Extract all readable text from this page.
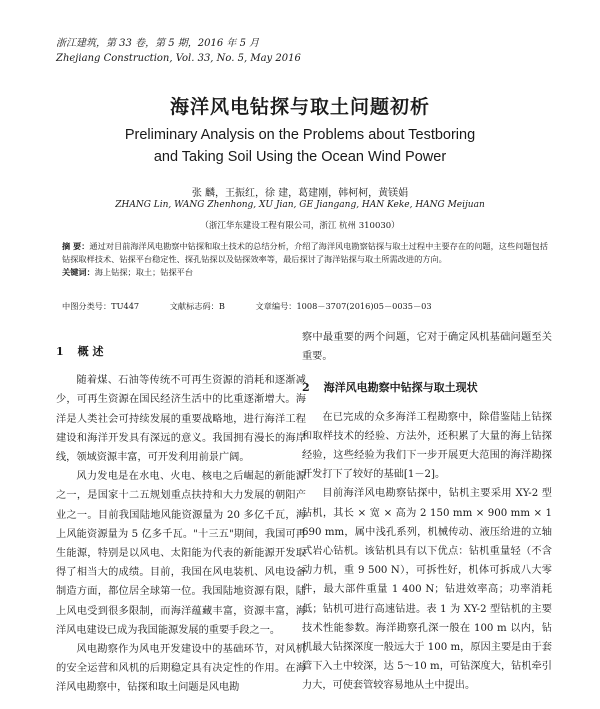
浙江建筑，第 33 卷，第 5 期，2016 年 5 月
Zhejiang Construction, Vol. 33, No. 5, May 2016
海洋风电钻探与取土问题初析
Preliminary Analysis on the Problems about Testboring
and Taking Soil Using the Ocean Wind Power
张 麟，王振红，徐 建，葛建刚，韩柯柯，黄镁娟
ZHANG Lin, WANG Zhenhong, XU Jian, GE Jiangang, HAN Keke, HANG Meijuan
（浙江华东建设工程有限公司，浙江 杭州 310030）
摘 要：通过对目前海洋风电勘察中钻探和取土技术的总结分析，介绍了海洋风电勘察钻探与取土过程中主要存在的问题，这些问题包括钻探取样技术、钻探平台稳定性、探孔钻探以及钻探效率等，最后探讨了海洋钻探与取土所需改进的方向。
关键词：海上钻探；取土；钻探平台
中图分类号：TU447	文献标志码：B	文章编号：1008－3707(2016)05－0035－03
1 概 述

随着煤、石油等传统不可再生资源的消耗和逐渐减少，可再生资源在国民经济生活中的比重逐渐增大。海洋是人类社会可持续发展的重要战略地，进行海洋工程建设和海洋开发具有深远的意义。我国拥有漫长的海岸线，领域资源丰富，可开发利用前景广阔。

风力发电是在水电、火电、核电之后崛起的新能源之一，是国家十二五规划重点扶持和大力发展的朝阳产业之一。目前我国陆地风能资源量为 20 多亿千瓦，海上风能资源量为 5 亿多千瓦。"十三五"期间，我国可再生能源，特别是以风电、太阳能为代表的新能源开发取得了相当大的成绩。目前，我国在风电装机、风电设备制造方面，都位居全球第一位。我国陆地资源有限，陆上风电受到很多限制，而海洋蕴藏丰富，资源丰富，海洋风电建设已成为我国能源发展的重要手段之一。

风电勘察作为风电开发建设中的基础环节，对风机的安全运营和风机的后期稳定具有决定性的作用。在海洋风电勘察中，钻探和取土问题是风电勘

察中最重要的两个问题，它对于确定风机基础问题至关重要。
2 海洋风电勘察中钻探与取土现状

在已完成的众多海洋工程勘察中，除借鉴陆上钻探和取样技术的经验、方法外，还积累了大量的海上钻探经验，这些经验为我们下一步开展更大范围的海洋勘探开发打下了较好的基础[1－2]。

目前海洋风电勘察钻探中，钻机主要采用 XY-2 型钻机，其长 × 宽 × 高为 2 150 mm × 900 mm × 1 690 mm，属中浅孔系列，机械传动、液压给进的立轴式岩心钻机。该钻机具有以下优点：钻机重量轻（不含动力机，重 9 500 N），可拆性好，机体可拆成八大零件，最大部件重量 1 400 N；钻进效率高；功率消耗低；钻机可进行高速钻进。表 1 为 XY-2 型钻机的主要技术性能参数。海洋勘察孔深一般在 100 m 以内，钻机最大钻探深度一般远大于 100 m，原因主要是由于套管下入土中较深，达 5～10 m，可钻深度大，钻机牵引力大，可使套管较容易地从土中提出。
